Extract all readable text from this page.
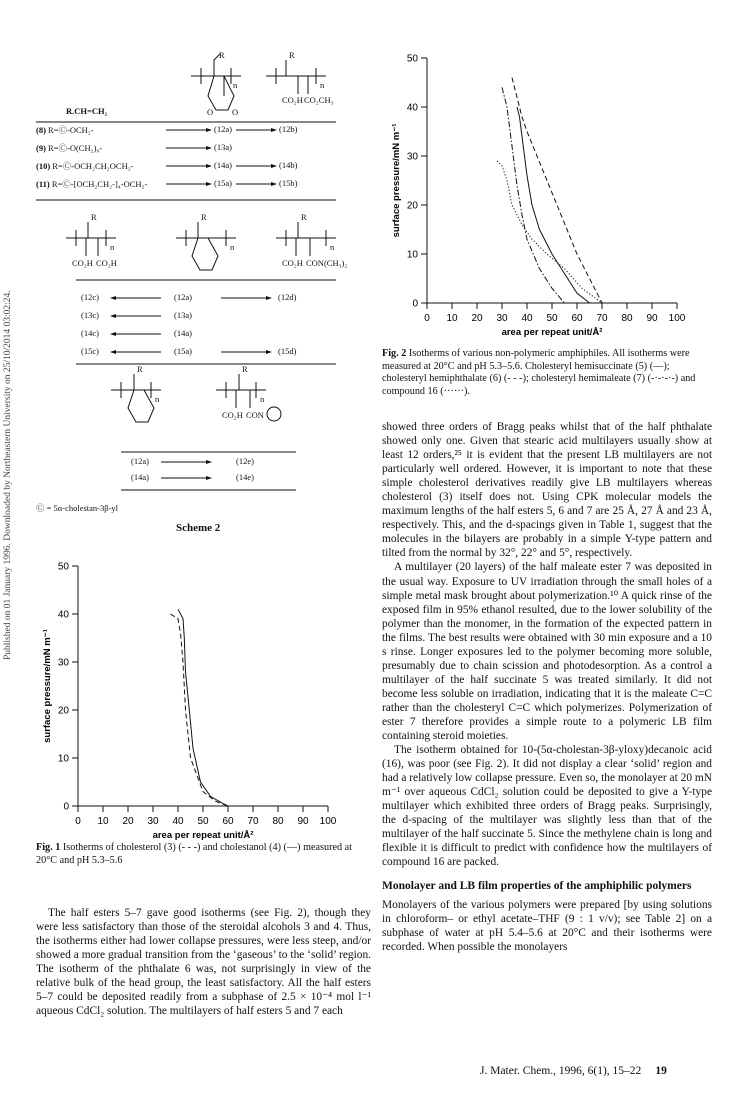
Published on 01 January 1996. Downloaded by Northeastern University on 25/10/2014 03:02:24.
R
n
O O
R
n
CO₂H CO₂CH₃
R.CH=CH₂
R
n
CO₂H CO₂H
R
n
R
n
CO₂H CON(CH₃)₂
R
n
R
n
CO₂H CON
(8) R=Ⓒ-OCH₂-	(12a)	(12b)
(9) R=Ⓒ-O(CH₂)₉-	(13a)
(10) R=Ⓒ-OCH₂CH₂OCH₂-	(14a)	(14b)
(11) R=Ⓒ-[OCH₂CH₂-]₄-OCH₂-	(15a)	(15b)
(12c)	(12a)	(12d)
(13c)	(13a)
(14c)	(14a)
(15c)	(15a)	(15d)
(12a)	(12e)
(14a)	(14e)
Ⓒ = 5α-cholestan-3β-yl
Scheme 2
0 10 20 30 40 50 60 70 80 90 100
0
10
20
30
40
50
area per repeat unit/Å²
surface pressure/mN m⁻¹
Fig. 1 Isotherms of cholesterol (3) (- - -) and cholestanol (4) (—) measured at 20°C and pH 5.3–5.6

The half esters 5–7 gave good isotherms (see Fig. 2), though they were less satisfactory than those of the steroidal alcohols 3 and 4. Thus, the isotherms either had lower collapse pressures, were less steep, and/or showed a more gradual transition from the ‘gaseous’ to the ‘solid’ region. The isotherm of the phthalate 6 was, not surprisingly in view of the relative bulk of the head group, the least satisfactory. All the half esters 5–7 could be deposited readily from a subphase of 2.5 × 10⁻⁴ mol l⁻¹ aqueous CdCl₂ solution. The multilayers of half esters 5 and 7 each

0 10 20 30 40 50 60 70 80 90 100
0
10
20
30
40
50
area per repeat unit/Å²
surface pressure/mN m⁻¹
Fig. 2 Isotherms of various non-polymeric amphiphiles. All isotherms were measured at 20°C and pH 5.3–5.6. Cholesteryl hemisuccinate (5) (—); cholesteryl hemiphthalate (6) (- - -); cholesteryl hemimaleate (7) (-·-·-·-) and compound 16 (······).

showed three orders of Bragg peaks whilst that of the half phthalate showed only one. Given that stearic acid multilayers usually show at least 12 orders,²⁵ it is evident that the present LB multilayers are not particularly well ordered. However, it is important to note that these simple cholesterol derivatives readily give LB multilayers whereas cholesterol (3) itself does not. Using CPK molecular models the maximum lengths of the half esters 5, 6 and 7 are 25 Å, 27 Å and 23 Å, respectively. This, and the d-spacings given in Table 1, suggest that the molecules in the bilayers are probably in a simple Y-type pattern and tilted from the normal by 32°, 22° and 5°, respectively.

A multilayer (20 layers) of the half maleate ester 7 was deposited in the usual way. Exposure to UV irradiation through the small holes of a simple metal mask brought about polymerization.¹⁰ A quick rinse of the exposed film in 95% ethanol resulted, due to the lower solubility of the polymer than the monomer, in the formation of the expected pattern in the films. The best results were obtained with 30 min exposure and a 10 s rinse. Longer exposures led to the polymer becoming more soluble, presumably due to chain scission and photodesorption. As a control a multilayer of the half succinate 5 was treated similarly. It did not become less soluble on irradiation, indicating that it is the maleate C=C rather than the cholesteryl C=C which polymerizes. Polymerization of ester 7 therefore provides a simple route to a polymeric LB film containing steroid moieties.

The isotherm obtained for 10-(5α-cholestan-3β-yloxy)decanoic acid (16), was poor (see Fig. 2). It did not display a clear ‘solid’ region and had a relatively low collapse pressure. Even so, the monolayer at 20 mN m⁻¹ over aqueous CdCl₂ solution could be deposited to give a Y-type multilayer which exhibited three orders of Bragg peaks. Surprisingly, the d-spacing of the multilayer was slightly less than that of the multilayer of the half succinate 5. Since the methylene chain is long and flexible it is difficult to predict with confidence how the multilayers of compound 16 are packed.

Monolayer and LB film properties of the amphiphilic polymers

Monolayers of the various polymers were prepared [by using solutions in chloroform– or ethyl acetate–THF (9 : 1 v/v); see Table 2] on a subphase of water at pH 5.4–5.6 at 20°C and their isotherms were recorded. When possible the monolayers

J. Mater. Chem., 1996, 6(1), 15–22 19
